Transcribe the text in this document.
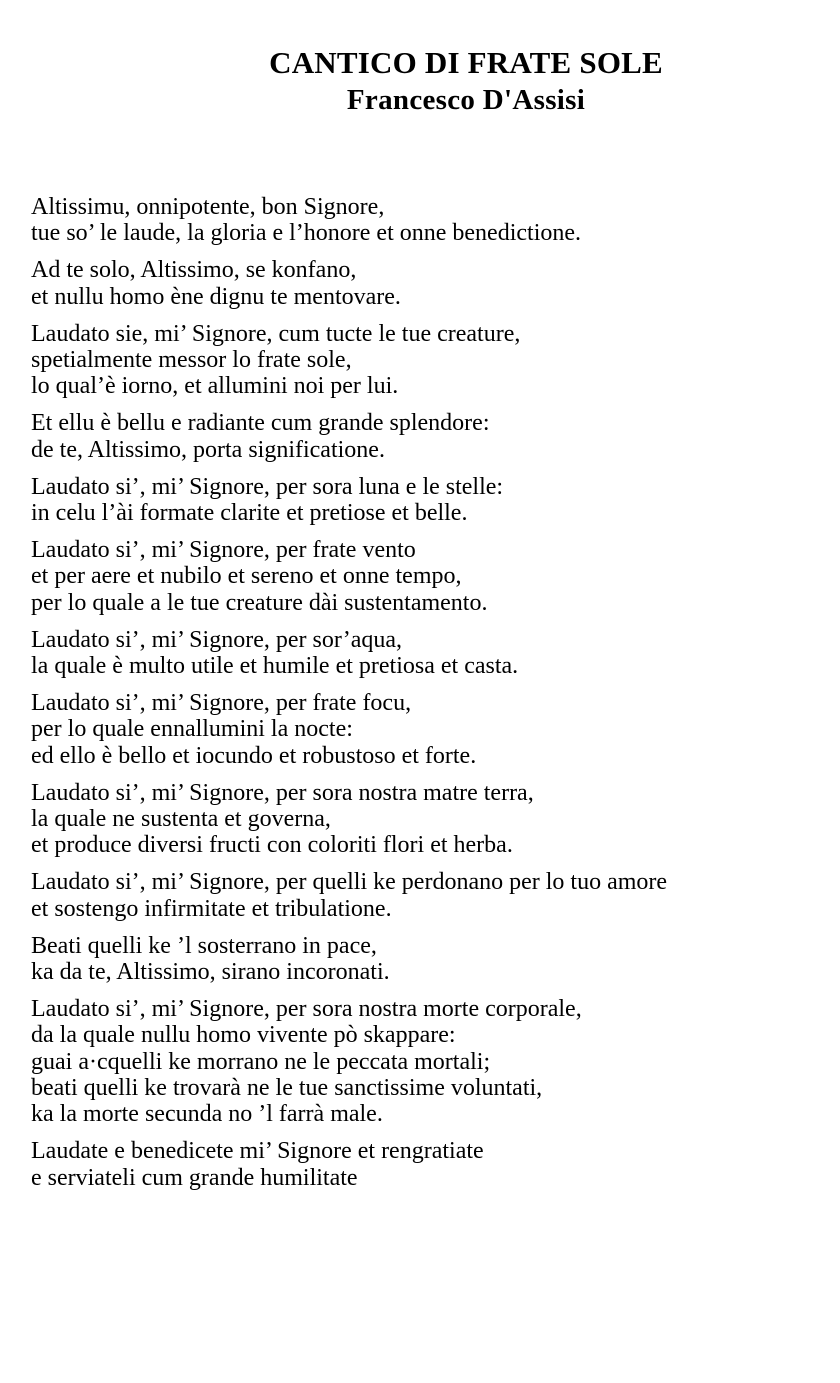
CANTICO DI FRATE SOLE
Francesco D'Assisi

Altissimu, onnipotente, bon Signore,
tue so’ le laude, la gloria e l’honore et onne benedictione.

Ad te solo, Altissimo, se konfano,
et nullu homo ène dignu te mentovare.

Laudato sie, mi’ Signore, cum tucte le tue creature,
spetialmente messor lo frate sole,
lo qual’è iorno, et allumini noi per lui.

Et ellu è bellu e radiante cum grande splendore:
de te, Altissimo, porta significatione.

Laudato si’, mi’ Signore, per sora luna e le stelle:
in celu l’ài formate clarite et pretiose et belle.

Laudato si’, mi’ Signore, per frate vento
et per aere et nubilo et sereno et onne tempo,
per lo quale a le tue creature dài sustentamento.

Laudato si’, mi’ Signore, per sor’aqua,
la quale è multo utile et humile et pretiosa et casta.

Laudato si’, mi’ Signore, per frate focu,
per lo quale ennallumini la nocte:
ed ello è bello et iocundo et robustoso et forte.

Laudato si’, mi’ Signore, per sora nostra matre terra,
la quale ne sustenta et governa,
et produce diversi fructi con coloriti flori et herba.

Laudato si’, mi’ Signore, per quelli ke perdonano per lo tuo amore
et sostengo infirmitate et tribulatione.

Beati quelli ke ’l sosterrano in pace,
ka da te, Altissimo, sirano incoronati.

Laudato si’, mi’ Signore, per sora nostra morte corporale,
da la quale nullu homo vivente pò skappare:
guai a·cquelli ke morrano ne le peccata mortali;
beati quelli ke trovarà ne le tue sanctissime voluntati,
ka la morte secunda no ’l farrà male.

Laudate e benedicete mi’ Signore et rengratiate
e serviateli cum grande humilitate
